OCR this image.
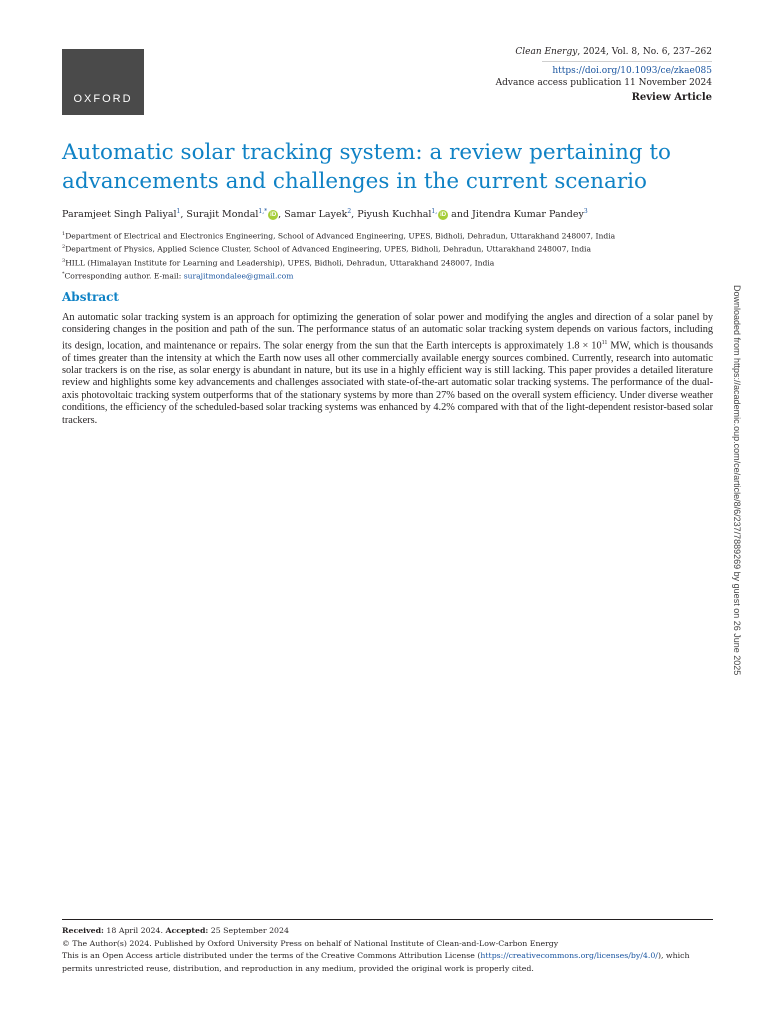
OXFORD
Clean Energy, 2024, Vol. 8, No. 6, 237–262
https://doi.org/10.1093/ce/zkae085
Advance access publication 11 November 2024
Review Article
Automatic solar tracking system: a review pertaining to advancements and challenges in the current scenario
Paramjeet Singh Paliyal$^1$, Surajit Mondal$^{1,*}$ iD , Samar Layek$^2$, Piyush Kuchhal$^{1,}$ iD and Jitendra Kumar Pandey$^3$
$^1$Department of Electrical and Electronics Engineering, School of Advanced Engineering, UPES, Bidholi, Dehradun, Uttarakhand 248007, India
$^2$Department of Physics, Applied Science Cluster, School of Advanced Engineering, UPES, Bidholi, Dehradun, Uttarakhand 248007, India
$^3$HILL (Himalayan Institute for Learning and Leadership), UPES, Bidholi, Dehradun, Uttarakhand 248007, India
*Corresponding author. E-mail: surajitmondalee@gmail.com
Abstract

An automatic solar tracking system is an approach for optimizing the generation of solar power and modifying the angles and direction of a solar panel by considering changes in the position and path of the sun. The performance status of an automatic solar tracking system depends on various factors, including its design, location, and maintenance or repairs. The solar energy from the sun that the Earth intercepts is approximately $1.8 \times 10^{11}$ MW, which is thousands of times greater than the intensity at which the Earth now uses all other commercially available energy sources combined. Currently, research into automatic solar trackers is on the rise, as solar energy is abundant in nature, but its use in a highly efficient way is still lacking. This paper provides a detailed literature review and highlights some key advancements and challenges associated with state-of-the-art automatic solar tracking systems. The performance of the dual-axis photovoltaic tracking system outperforms that of the stationary systems by more than 27% based on the overall system efficiency. Under diverse weather conditions, the efficiency of the scheduled-based solar tracking systems was enhanced by 4.2% compared with that of the light-dependent resistor-based solar trackers.	Downloaded from https://academic.oup.com/ce/article/8/6/237/7889269 by guest on 26 June 2025
Received: 18 April 2024. Accepted: 25 September 2024
© The Author(s) 2024. Published by Oxford University Press on behalf of National Institute of Clean-and-Low-Carbon Energy
This is an Open Access article distributed under the terms of the Creative Commons Attribution License (https://creativecommons.org/licenses/by/4.0/), which
permits unrestricted reuse, distribution, and reproduction in any medium, provided the original work is properly cited.
